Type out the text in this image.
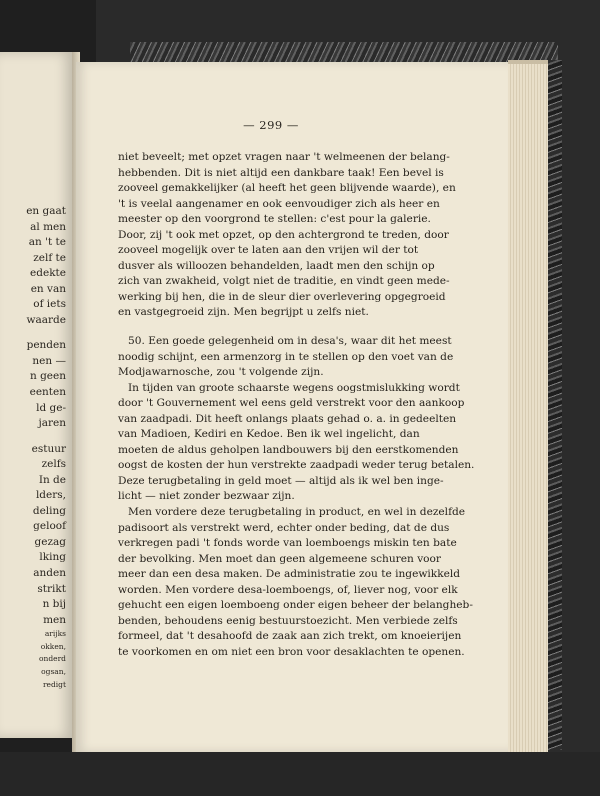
en gaat
al men
an 't te
zelf te
edekte
en van
of iets
waarde
penden
nen —
n geen
eenten
ld ge-
jaren
estuur
zelfs
In de
lders,
deling
geloof
gezag
lking
anden
strikt
n bij
men
arijks
okken,
onderd
ogsan,
redigt
— 299 —
niet beveelt; met opzet vragen naar 't welmeenen der belang-
hebbenden. Dit is niet altijd een dankbare taak! Een bevel is
zooveel gemakkelijker (al heeft het geen blijvende waarde), en
't is veelal aangenamer en ook eenvoudiger zich als heer en
meester op den voorgrond te stellen: c'est pour la galerie.
Door, zij 't ook met opzet, op den achtergrond te treden, door
zooveel mogelijk over te laten aan den vrijen wil der tot
dusver als willoozen behandelden, laadt men den schijn op
zich van zwakheid, volgt niet de traditie, en vindt geen mede-
werking bij hen, die in de sleur dier overlevering opgegroeid
en vastgegroeid zijn. Men begrijpt u zelfs niet.
50. Een goede gelegenheid om in desa's, waar dit het meest
noodig schijnt, een armenzorg in te stellen op den voet van de
Modjawarnosche, zou 't volgende zijn.
In tijden van groote schaarste wegens oogstmislukking wordt
door 't Gouvernement wel eens geld verstrekt voor den aankoop
van zaadpadi. Dit heeft onlangs plaats gehad o. a. in gedeelten
van Madioen, Kediri en Kedoe. Ben ik wel ingelicht, dan
moeten de aldus geholpen landbouwers bij den eerstkomenden
oogst de kosten der hun verstrekte zaadpadi weder terug betalen.
Deze terugbetaling in geld moet — altijd als ik wel ben inge-
licht — niet zonder bezwaar zijn.
Men vordere deze terugbetaling in product, en wel in dezelfde
padisoort als verstrekt werd, echter onder beding, dat de dus
verkregen padi 't fonds worde van loemboengs miskin ten bate
der bevolking. Men moet dan geen algemeene schuren voor
meer dan een desa maken. De administratie zou te ingewikkeld
worden. Men vordere desa-loemboengs, of, liever nog, voor elk
gehucht een eigen loemboeng onder eigen beheer der belangheb-
benden, behoudens eenig bestuurstoezicht. Men verbiede zelfs
formeel, dat 't desahoofd de zaak aan zich trekt, om knoeierijen
te voorkomen en om niet een bron voor desaklachten te openen.
